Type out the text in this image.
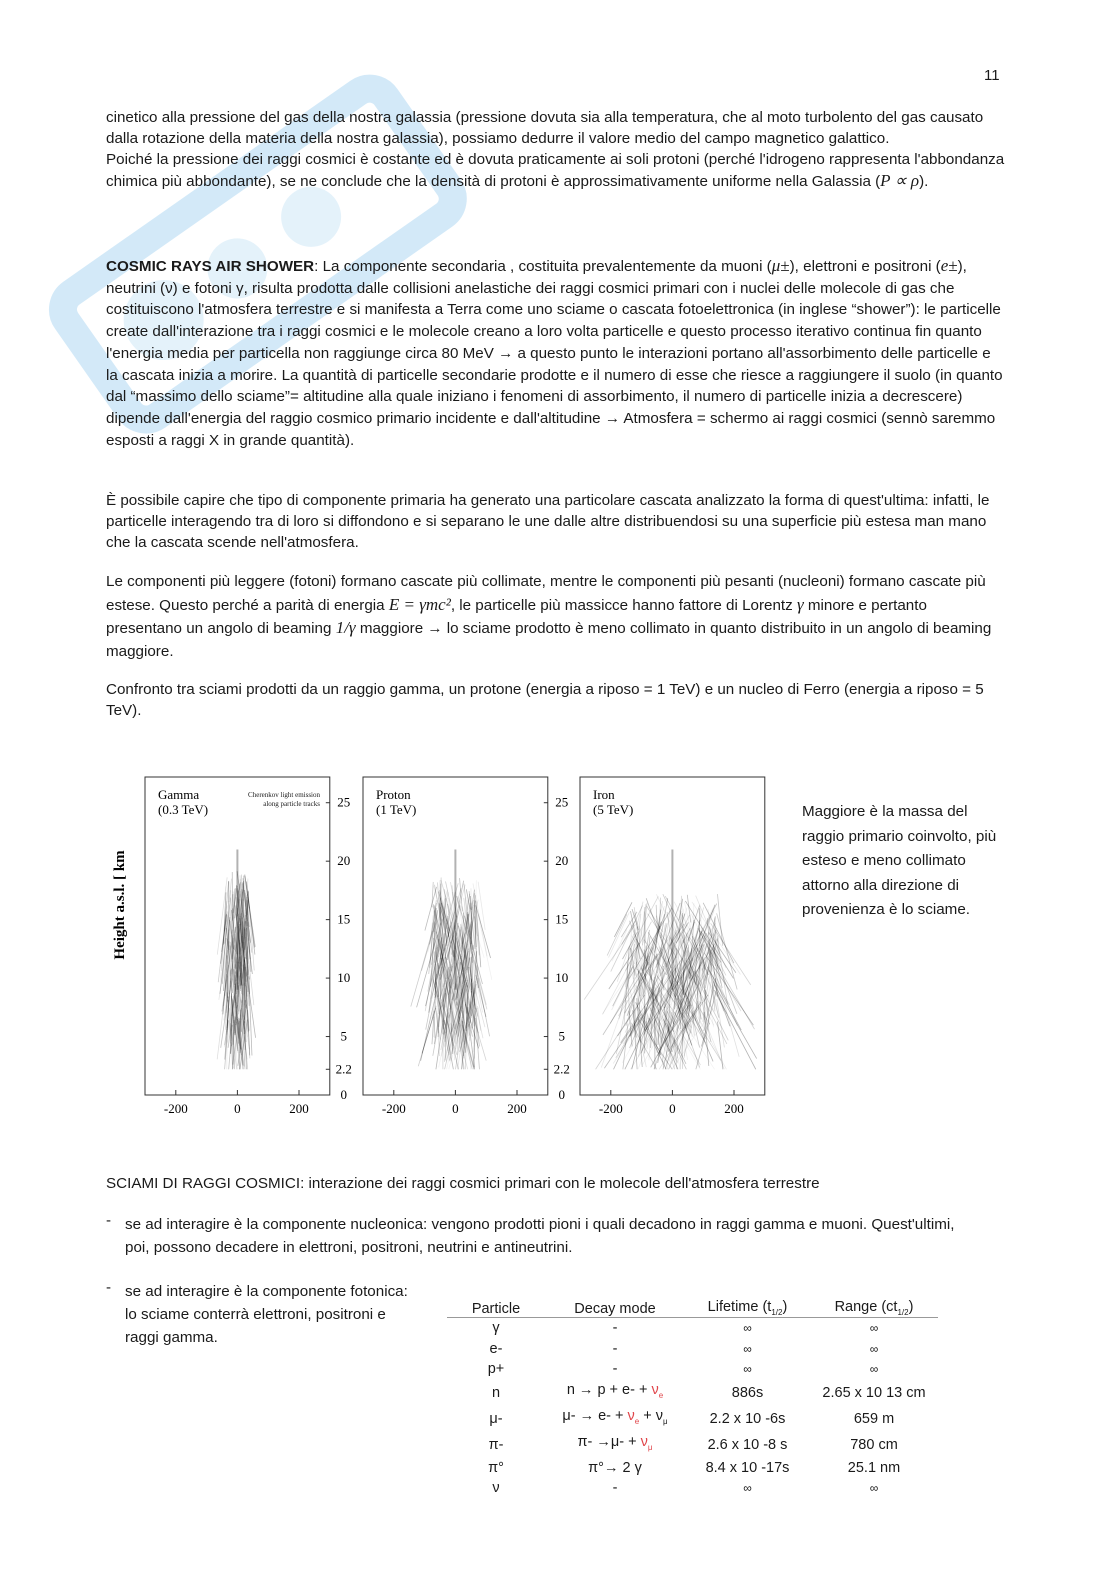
11

cinetico alla pressione del gas della nostra galassia (pressione dovuta sia alla temperatura, che al moto turbolento del gas causato dalla rotazione della materia della nostra galassia), possiamo dedurre il valore medio del campo magnetico galattico.

Poiché la pressione dei raggi cosmici è costante ed è dovuta praticamente ai soli protoni (perché l'idrogeno rappresenta l'abbondanza chimica più abbondante), se ne conclude che la densità di protoni è approssimativamente uniforme nella Galassia (P ∝ ρ).

COSMIC RAYS AIR SHOWER: La componente secondaria , costituita prevalentemente da muoni (μ±), elettroni e positroni (e±), neutrini (ν) e fotoni γ, risulta prodotta dalle collisioni anelastiche dei raggi cosmici primari con i nuclei delle molecole di gas che costituiscono l'atmosfera terrestre e si manifesta a Terra come uno sciame o cascata fotoelettronica (in inglese “shower”): le particelle create dall'interazione tra i raggi cosmici e le molecole creano a loro volta particelle e questo processo iterativo continua fin quanto l'energia media per particella non raggiunge circa 80 MeV → a questo punto le interazioni portano all'assorbimento delle particelle e la cascata inizia a morire. La quantità di particelle secondarie prodotte e il numero di esse che riesce a raggiungere il suolo (in quanto dal “massimo dello sciame”= altitudine alla quale iniziano i fenomeni di assorbimento, il numero di particelle inizia a decrescere) dipende dall'energia del raggio cosmico primario incidente e dall'altitudine → Atmosfera = schermo ai raggi cosmici (sennò saremmo esposti a raggi X in grande quantità).

È possibile capire che tipo di componente primaria ha generato una particolare cascata analizzato la forma di quest'ultima: infatti, le particelle interagendo tra di loro si diffondono e si separano le une dalle altre distribuendosi su una superficie più estesa man mano che la cascata scende nell'atmosfera.

Le componenti più leggere (fotoni) formano cascate più collimate, mentre le componenti più pesanti (nucleoni) formano cascate più estese. Questo perché a parità di energia E = γmc², le particelle più massicce hanno fattore di Lorentz γ minore e pertanto presentano un angolo di beaming 1/γ maggiore → lo sciame prodotto è meno collimato in quanto distribuito in un angolo di beaming maggiore.

Confronto tra sciami prodotti da un raggio gamma, un protone (energia a riposo = 1 TeV) e un nucleo di Ferro (energia a riposo = 5 TeV).

Height a.s.l. [ km
Gamma
(0.3 TeV)
Cherenkov light emission along particle tracks
-200	0	200
25
20
15
10
5
2.2
0
Proton
(1 TeV)
-200	0	200
25
20
15
10
5
2.2
0
Iron
(5 TeV)
-200	0	200
Maggiore è la massa del raggio primario coinvolto, più esteso e meno collimato attorno alla direzione di provenienza è lo sciame.

SCIAMI DI RAGGI COSMICI: interazione dei raggi cosmici primari con le molecole dell'atmosfera terrestre

- se ad interagire è la componente nucleonica: vengono prodotti pioni i quali decadono in raggi gamma e muoni. Quest'ultimi, poi, possono decadere in elettroni, positroni, neutrini e antineutrini.
- se ad interagire è la componente fotonica: lo sciame conterrà elettroni, positroni e raggi gamma.
Particle	Decay mode	Lifetime $(t_{1/2})$	Range $(ct_{1/2})$
γ	-	∞	∞
e-	-	∞	∞
p+	-	∞	∞
n	$n \to p + e- + \nu_e$	886s	2.65 x 10 13 cm
μ-	$\mu- \to e- + \nu_e + \nu_\mu$	2.2 x 10 -6s	659 m
π-	$\pi- \to\mu- + \nu_\mu$	2.6 x 10 -8 s	780 cm
π°	π°→ 2 γ	8.4 x 10 -17s	25.1 nm
ν	-	∞	∞
